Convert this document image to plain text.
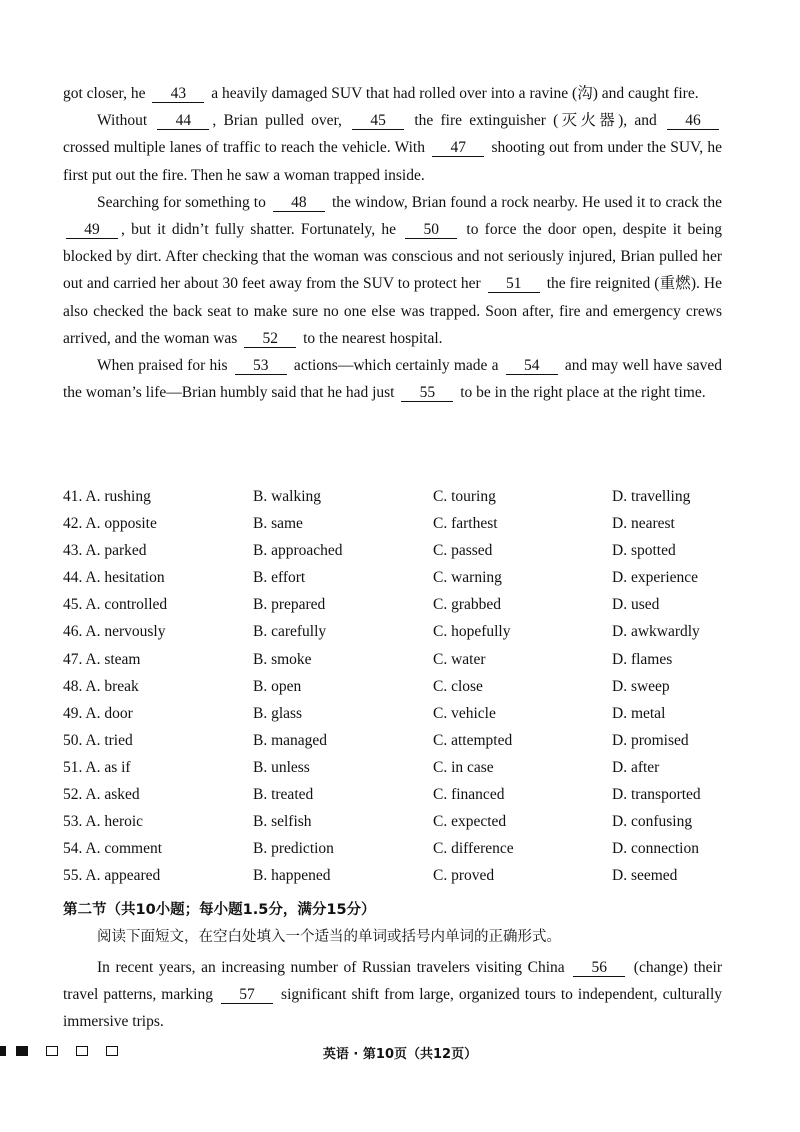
got closer, he 43 a heavily damaged SUV that had rolled over into a ravine (沟) and caught fire.
Without 44 , Brian pulled over, 45 the fire extinguisher (灭火器), and 46 crossed multiple lanes of traffic to reach the vehicle. With 47 shooting out from under the SUV, he first put out the fire. Then he saw a woman trapped inside.
Searching for something to 48 the window, Brian found a rock nearby. He used it to crack the 49 , but it didn’t fully shatter. Fortunately, he 50 to force the door open, despite it being blocked by dirt. After checking that the woman was conscious and not seriously injured, Brian pulled her out and carried her about 30 feet away from the SUV to protect her 51 the fire reignited (重燃). He also checked the back seat to make sure no one else was trapped. Soon after, fire and emergency crews arrived, and the woman was 52 to the nearest hospital.
When praised for his 53 actions—which certainly made a 54 and may well have saved the woman’s life—Brian humbly said that he had just 55 to be in the right place at the right time.
41. A. rushing	B. walking	C. touring	D. travelling
42. A. opposite	B. same	C. farthest	D. nearest
43. A. parked	B. approached	C. passed	D. spotted
44. A. hesitation	B. effort	C. warning	D. experience
45. A. controlled	B. prepared	C. grabbed	D. used
46. A. nervously	B. carefully	C. hopefully	D. awkwardly
47. A. steam	B. smoke	C. water	D. flames
48. A. break	B. open	C. close	D. sweep
49. A. door	B. glass	C. vehicle	D. metal
50. A. tried	B. managed	C. attempted	D. promised
51. A. as if	B. unless	C. in case	D. after
52. A. asked	B. treated	C. financed	D. transported
53. A. heroic	B. selfish	C. expected	D. confusing
54. A. comment	B. prediction	C. difference	D. connection
55. A. appeared	B. happened	C. proved	D. seemed
第二节（共10小题；每小题1.5分，满分15分）
阅读下面短文，在空白处填入一个适当的单词或括号内单词的正确形式。
In recent years, an increasing number of Russian travelers visiting China 56 (change) their travel patterns, marking 57 significant shift from large, organized tours to independent, culturally immersive trips.
英语 · 第10页（共12页）
